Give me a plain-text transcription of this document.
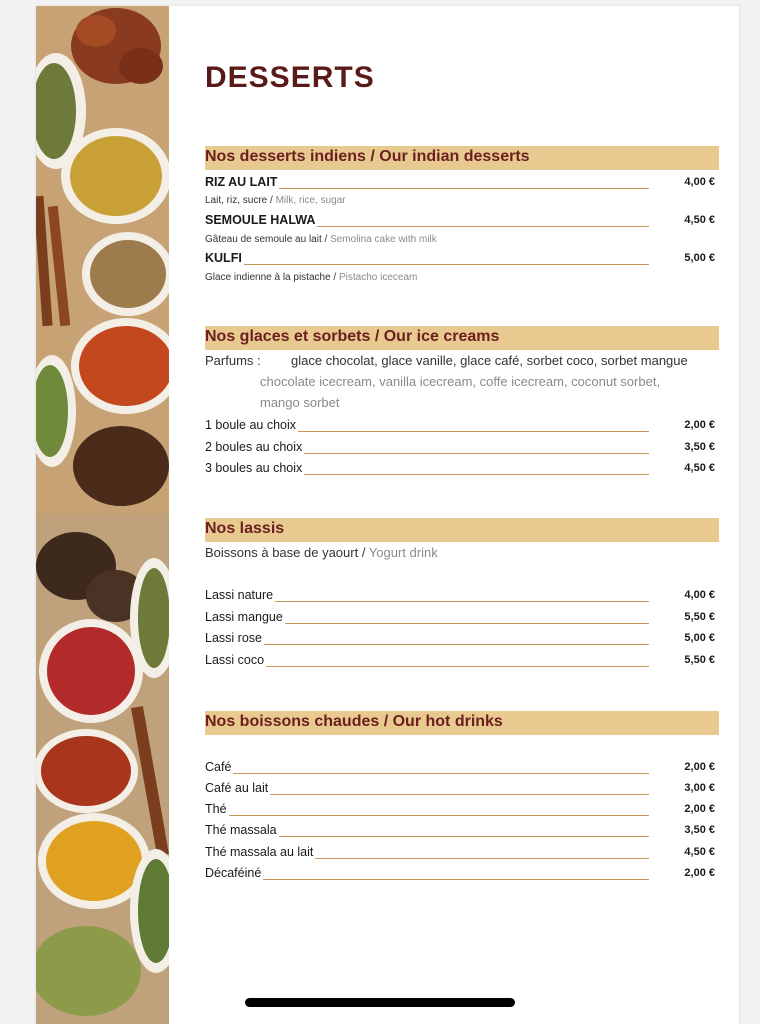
DESSERTS
Nos desserts indiens / Our indian desserts
RIZ AU LAIT	4,00 €
Lait, riz, sucre / Milk, rice, sugar
SEMOULE HALWA	4,50 €
Gâteau de semoule au lait / Semolina cake with milk
KULFI	5,00 €
Glace indienne à la pistache / Pistacho iceceam
Nos glaces et sorbets / Our ice creams
Parfums : glace chocolat, glace vanille, glace café, sorbet coco, sorbet mangue
chocolate icecream, vanilla icecream, coffe icecream, coconut sorbet,
mango sorbet
1 boule au choix	2,00 €
2 boules au choix	3,50 €
3 boules au choix	4,50 €
Nos lassis
Boissons à base de yaourt / Yogurt drink
Lassi nature	4,00 €
Lassi mangue	5,50 €
Lassi rose	5,00 €
Lassi coco	5,50 €
Nos boissons chaudes / Our hot drinks
Café	2,00 €
Café au lait	3,00 €
Thé	2,00 €
Thé massala	3,50 €
Thé massala au lait	4,50 €
Décaféiné	2,00 €
